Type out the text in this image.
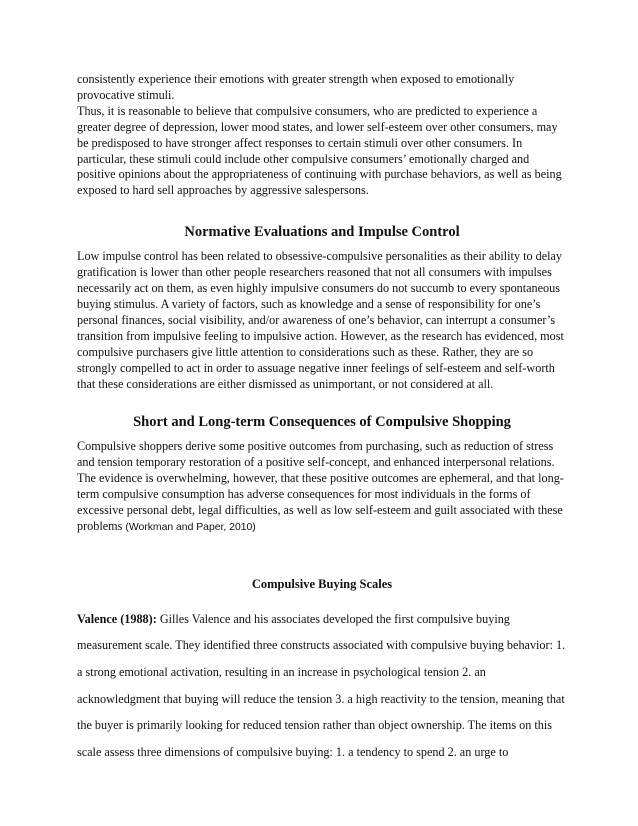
consistently experience their emotions with greater strength when exposed to emotionally provocative stimuli.
Thus, it is reasonable to believe that compulsive consumers, who are predicted to experience a greater degree of depression, lower mood states, and lower self-esteem over other consumers, may be predisposed to have stronger affect responses to certain stimuli over other consumers. In particular, these stimuli could include other compulsive consumers’ emotionally charged and positive opinions about the appropriateness of continuing with purchase behaviors, as well as being exposed to hard sell approaches by aggressive salespersons.

Normative Evaluations and Impulse Control

Low impulse control has been related to obsessive-compulsive personalities as their ability to delay gratification is lower than other people researchers reasoned that not all consumers with impulses necessarily act on them, as even highly impulsive consumers do not succumb to every spontaneous buying stimulus. A variety of factors, such as knowledge and a sense of responsibility for one’s personal finances, social visibility, and/or awareness of one’s behavior, can interrupt a consumer’s transition from impulsive feeling to impulsive action. However, as the research has evidenced, most compulsive purchasers give little attention to considerations such as these. Rather, they are so strongly compelled to act in order to assuage negative inner feelings of self-esteem and self-worth that these considerations are either dismissed as unimportant, or not considered at all.

Short and Long-term Consequences of Compulsive Shopping

Compulsive shoppers derive some positive outcomes from purchasing, such as reduction of stress and tension temporary restoration of a positive self-concept, and enhanced interpersonal relations. The evidence is overwhelming, however, that these positive outcomes are ephemeral, and that long-term compulsive consumption has adverse consequences for most individuals in the forms of excessive personal debt, legal difficulties, as well as low self-esteem and guilt associated with these problems (Workman and Paper, 2010)

Compulsive Buying Scales

Valence (1988): Gilles Valence and his associates developed the first compulsive buying measurement scale. They identified three constructs associated with compulsive buying behavior: 1. a strong emotional activation, resulting in an increase in psychological tension 2. an acknowledgment that buying will reduce the tension 3. a high reactivity to the tension, meaning that the buyer is primarily looking for reduced tension rather than object ownership. The items on this scale assess three dimensions of compulsive buying: 1. a tendency to spend 2. an urge to
